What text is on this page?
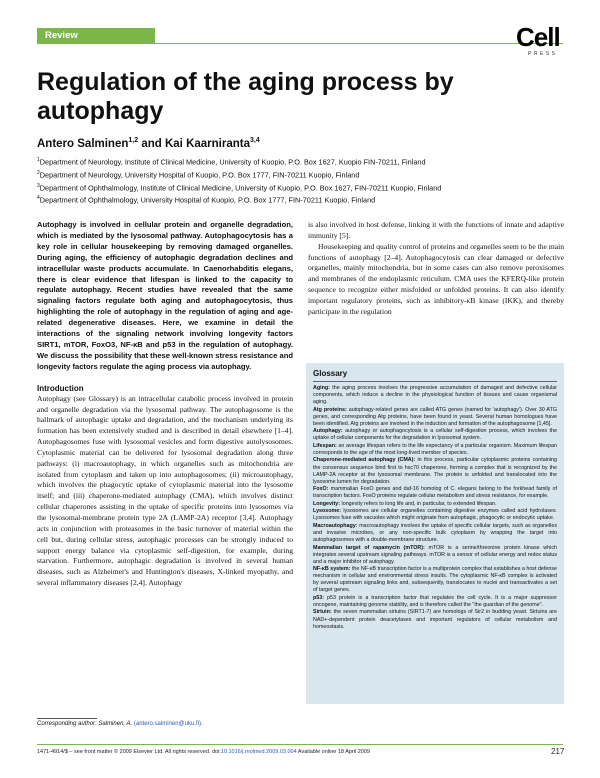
Review	Cell
PRESS
Regulation of the aging process by autophagy
Antero Salminen$^{1,2}$ and Kai Kaarniranta$^{3,4}$
$^1$Department of Neurology, Institute of Clinical Medicine, University of Kuopio, P.O. Box 1627, Kuopio FIN-70211, Finland
$^2$Department of Neurology, University Hospital of Kuopio, P.O. Box 1777, FIN-70211 Kuopio, Finland
$^3$Department of Ophthalmology, Institute of Clinical Medicine, University of Kuopio, P.O. Box 1627, FIN-70211 Kuopio, Finland
$^4$Department of Ophthalmology, University Hospital of Kuopio, P.O. Box 1777, FIN-70211 Kuopio, Finland

Autophagy is involved in cellular protein and organelle degradation, which is mediated by the lysosomal pathway. Autophagocytosis has a key role in cellular housekeeping by removing damaged organelles. During aging, the efficiency of autophagic degradation declines and intracellular waste products accumulate. In Caenorhabditis elegans, there is clear evidence that lifespan is linked to the capacity to regulate autophagy. Recent studies have revealed that the same signaling factors regulate both aging and autophagocytosis, thus highlighting the role of autophagy in the regulation of aging and age-related degenerative diseases. Here, we examine in detail the interactions of the signaling network involving longevity factors SIRT1, mTOR, FoxO3, NF-κB and p53 in the regulation of autophagy. We discuss the possibility that these well-known stress resistance and longevity factors regulate the aging process via autophagy.

Introduction

Autophagy (see Glossary) is an intracellular catabolic process involved in protein and organelle degradation via the lysosomal pathway. The autophagosome is the hallmark of autophagic uptake and degradation, and the mechanism underlying its formation has been extensively studied and is described in detail elsewhere [1–4]. Autophagosomes fuse with lysosomal vesicles and form digestive autolysosomes. Cytoplasmic material can be delivered for lysosomal degradation along three pathways: (i) macroautophagy, in which organelles such as mitochondria are isolated from cytoplasm and taken up into autophagosomes; (ii) microautophagy, which involves the phagocytic uptake of cytoplasmic material into the lysosome itself; and (iii) chaperone-mediated autophagy (CMA), which involves distinct cellular chaperones assisting in the uptake of specific proteins into lysosomes via the lysosomal-membrane protein type 2A (LAMP-2A) receptor [3,4]. Autophagy acts in conjunction with proteasomes in the basic turnover of material within the cell but, during cellular stress, autophagic processes can be strongly induced to support energy balance via cytoplasmic self-digestion, for example, during starvation. Furthermore, autophagic degradation is involved in several human diseases, such as Alzheimer's and Huntington's diseases, X-linked myopathy, and several inflammatory diseases [2,4]. Autophagy

is also involved in host defense, linking it with the functions of innate and adaptive immunity [5].

Housekeeping and quality control of proteins and organelles seem to be the main functions of autophagy [2–4]. Autophagocytosis can clear damaged or defective organelles, mainly mitochondria, but in some cases can also remove peroxisomes and membranes of the endoplasmic reticulum. CMA uses the KFERQ-like protein sequence to recognize either misfolded or unfolded proteins. It can also identify important regulatory proteins, such as inhibitory-κB kinase (IKK), and thereby participate in the regulation

Glossary

Aging: the aging process involves the progressive accumulation of damaged and defective cellular components, which induce a decline in the physiological function of tissues and cause organismal aging.

Atg proteins: autophagy-related genes are called ATG genes (named for 'autophagy'). Over 30 ATG genes, and corresponding Atg proteins, have been found in yeast. Several human homologues have been identified. Atg proteins are involved in the induction and formation of the autophagosome [1,45].

Autophagy: autophagy or autophagocytosis is a cellular self-digestion process, which involves the uptake of cellular components for the degradation in lysosomal system.

Lifespan: an average lifespan refers to the life expectancy of a particular organism. Maximum lifespan corresponds to the age of the most long-lived member of species.

Chaperone-mediated autophagy (CMA): in this process, particular cytoplasmic proteins containing the consensus sequence bind first to hsc70 chaperone, forming a complex that is recognized by the LAMP-2A receptor at the lysosomal membrane. The protein is unfolded and translocated into the lysosome lumen for degradation.

FoxO: mammalian FoxO genes and daf-16 homolog of C. elegans belong to the forkhead family of transcription factors. FoxO proteins regulate cellular metabolism and stress resistance, for example.

Longevity: longevity refers to long life and, in particular, to extended lifespan.

Lysosome: lysosomes are cellular organelles containing digestive enzymes called acid hydrolases. Lysosomes fuse with vacuoles which might originate from autophagic, phagocytic or endocytic uptake.

Macroautophagy: macroautophagy involves the uptake of specific cellular targets, such as organelles and invasive microbes, or any non-specific bulk cytoplasm by wrapping the target into autophagosomes with a double-membrane structure.

Mammalian target of rapamycin (mTOR): mTOR is a serine/threonine protein kinase which integrates several upstream signaling pathways. mTOR is a sensor of cellular energy and redox status and a major inhibitor of autophagy.

NF-κB system: the NF-κB transcription factor is a multiprotein complex that establishes a host defense mechanism in cellular and environmental stress insults. The cytoplasmic NF-κB complex is activated by several upstream signaling links and, subsequently, translocates to nuclei and transactivates a set of target genes.

p53: p53 protein is a transcription factor that regulates the cell cycle. It is a major suppressor oncogene, maintaining genome stability, and is therefore called the "the guardian of the genome".

Sirtuin: the seven mammalian sirtuins (SIRT1-7) are homologs of Sir2 in budding yeast. Sirtuins are NAD+-dependent protein deacetylases and important regulators of cellular metabolism and homeostasis.

Corresponding author: Salminen, A. (antero.salminen@uku.fi).
1471-4914/$ – see front matter © 2009 Elsevier Ltd. All rights reserved. doi:10.1016/j.molmed.2009.03.004 Available online 18 April 2009	217
